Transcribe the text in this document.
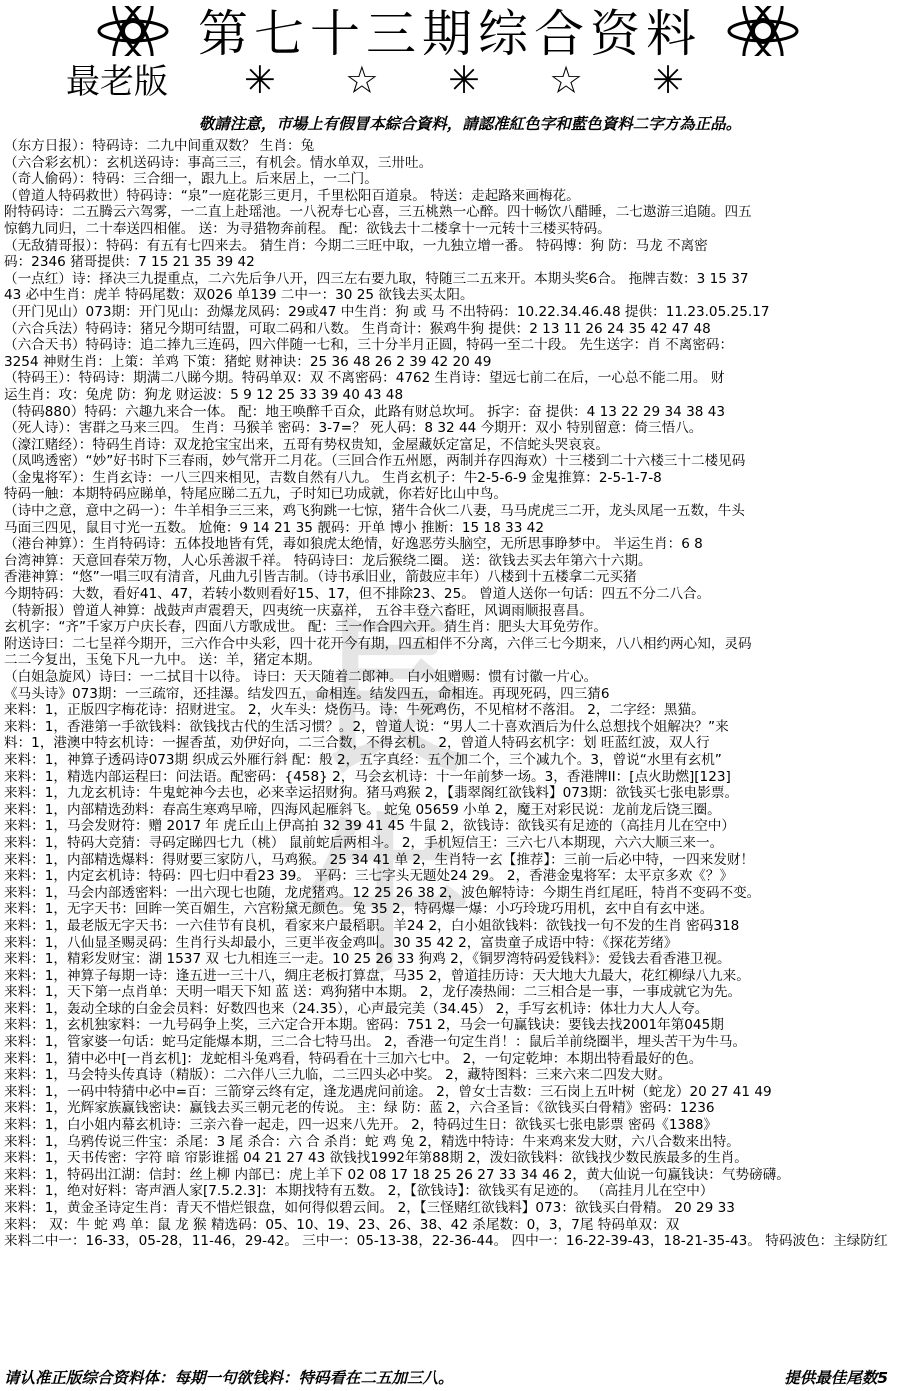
長
牛
第七十三期综合资料
最老版 ✳ ☆ ✳ ☆ ✳
敬請注意，市場上有假冒本綜合資料，請認准紅色字和藍色資料二字方為正品。
（东方日报）：特码诗：二九中间重双数？ 生肖：兔
（六合彩玄机）：玄机送码诗：事高三三，有机会。情水单双，三卅吐。
（奇人偷码）：特码：三合细一，跟九上。后来居上，一二门。
（曾道人特码救世）特码诗：“泉”一庭花影三更月，千里松阳百道泉。 特送：走起路来画梅花。
附特码诗：二五腾云六驾雾，一二直上赴瑶池。一八祝寿七心喜，三五桃熟一心醉。四十畅饮八醋睡，二七遨游三追随。四五
惊鹤九同归，二十奉送四相催。 送：为寻猎物奔前程。 配：欲钱去十二楼拿十一元转十三楼买特码。
（无敌猜哥报）：特码：有五有七四来去。 猜生肖：今期二三旺中取，一九独立增一番。 特码博：狗 防：马龙 不离密
码：2346 猪哥提供：7 15 21 35 39 42
（一点红）诗：择决三九提重点，二六先后争八开，四三左右要九取，特随三二五来开。本期头奖6合。 拖牌吉数：3 15 37
43 必中生肖：虎羊 特码尾数：双026 单139 二中一：30 25 欲钱去买太阳。
（开门见山）073期：开门见山：劲爆龙凤码：29或47 中生肖：狗 或 马 不出特码：10.22.34.46.48 提供：11.23.05.25.17
（六合兵法）特码诗：猪兄今期可结盟，可取二码和八数。 生肖奇计：猴鸡牛狗 提供：2 13 11 26 24 35 42 47 48
（六合天书）特码诗：追二捧九三连码，四六伴随一七和，三十分半月正圆，特码一至二十段。 先生送字：肖 不离密码：
3254 神财生肖：上策：羊鸡 下策：猪蛇 财神诀：25 36 48 26 2 39 42 20 49
（特码王）：特码诗：期满二八睇今期。特码单双：双 不离密码：4762 生肖诗：望远七前二在后，一心总不能二用。 财
运生肖：攻：兔虎 防：狗龙 财运波：5 9 12 25 33 39 40 43 48
（特码880）特码：六趣九来合一体。 配：地王唤醉千百众，此路有财总坎坷。 拆字：奋 提供：4 13 22 29 34 38 43
（死人诗）：害群之马来三四。 生肖：马猴羊 密码：3-7=？ 死人码：8 32 44 今期开：双小 特别留意：倚三悟八。
（濠江赌经）：特码生肖诗：双龙抢宝宝出来，五哥有势权贵知，金屋藏妖定富足，不信蛇头哭哀哀。
（凤鸣透密）“妙”好书时下三春雨，妙气常开二月花。（三回合作五州愿，两制并存四海欢）十三楼到二十六楼三十二楼见码
（金鬼将军）：生肖玄诗：一八三四来相见，吉数自然有八九。 生肖玄机子：牛2-5-6-9 金鬼推算：2-5-1-7-8
特码一触：本期特码应睇单，特尾应睇二五九，子时知已功成就，你若好比山中鸟。
（诗中之意，意中之码一）：牛羊相争三三来，鸡飞狗跳一七惊，猪牛合伙二八妻，马马虎虎三二开，龙头凤尾一五数，牛头
马面三四见，鼠目寸光一五数。 尬俺：9 14 21 35 靓码：开单 博小 推断：15 18 33 42
（港台神算）：生肖特码诗：五体投地皆有凭，毒如狼虎太绝情，好逸恶劳头脑空，无所思事睁梦中。 半运生肖：6 8
台湾神算：天意回春荣万物，人心乐善淑千祥。 特码诗曰：龙后猴绕二圈。 送：欲钱去买去年第六十六期。
香港神算：“悠”一唱三叹有清音，凡曲九引皆吉制。（诗书承旧业，箭鼓应丰年）八楼到十五楼拿二元买猪
今期特码：大数，看好41、47，若转小数则看好15、17，但不排除23、25。 曾道人送你一句话：四五不分二八合。
（特新报）曾道人神算：战鼓声声震碧天，四夷统一庆嘉祥， 五谷丰登六畜旺，风调雨顺报喜昌。
玄机字：“齐”千家万户庆长春，四面八方歌成世。 配：三一作合四六开。猜生肖：肥头大耳免劳作。
附送诗曰：二七呈祥今期开，三六作合中头彩，四十花开今有期，四五相伴不分离，六伴三七今期来，八八相约两心知，灵码
二二今复出，玉兔下凡一九中。 送：羊，猪定本期。
（白姐急旋风）诗曰：一二拭目十以待。 诗曰：天天随着二郎神。 白小姐赠赐：惯有讨徽一片心。
《马头诗》073期：一三疏帘，还挂瀑。结发四五，命相连。结发四五，命相连。再现死码，四三猜6
来料：1，正版四字梅花诗：招财进宝。 2，火车头：烧伤马。诗：牛死鸡伤，不见棺材不落泪。 2，二字经：黑猫。
来料：1，香港第一手欲钱料：欲钱找古代的生活习惯？。2，曾道人说：“男人二十喜欢酒后为什么总想找个姐解决？”来
料：1，港澳中特玄机诗：一握香茧，劝伊好向，二三合数，不得玄机。 2，曾道人特码玄机字：划 旺蓝红波，双人行
来料：1，神算子透码诗073期 织成云外雁行斜 配：般 2，五字真经：五个加二个，三个减九个。3，曾说“水里有玄机”
来料：1，精选内部运程曰：问法语。配密码：{458} 2，马会玄机诗：十一年前梦一场。3，香港牌II：[点火助燃][123]
来料：1，九龙玄机诗：牛鬼蛇神今去也，必来幸运招财狗。猪马鸡猴 2，【翡翠阁红欲钱料】073期：欲钱买七张电影票。
来料：1，内部精选劲料：春高生寒鸡早啼，四海风起雁斜飞。 蛇兔 05659 小单 2，魔王对彩民说：龙前龙后饶三圈。
来料：1，马会发财符：赠 2017 年 虎丘山上伊高拍 32 39 41 45 牛鼠 2，欲钱诗：欲钱买有足迹的（高挂月儿在空中）
来料：1，特码大竞猜：寻码定睇四七九（桃） 鼠前蛇后两相斗。 2，手机短信王：三六七八本期现，六六大顺三来一。
来料：1，内部精选爆料：得财要三家防八，马鸡猴。 25 34 41 单 2，生肖特一玄【推荐】：三前一后必中特，一四来发财！
来料：1，内定玄机诗：特码：四七归中看23 39。 平码：三七字头无题处24 29。 2，香港金鬼将军：太平京多欢《？》
来料：1，马会内部透密料：一出六现七也随，龙虎猪鸡。12 25 26 38 2，波色解特诗：今期生肖红尾旺，特肖不变码不变。
来料：1，无字天书：回眸一笑百媚生，六宫粉黛无颜色。兔 35 2，特码爆一爆：小巧玲珑巧用机，玄中自有玄中迷。
来料：1，最老版无字天书：一六佳节有良机，看家来户最稻职。羊24 2，白小姐欲钱料：欲钱找一句不发的生肖 密码318
来料：1，八仙显圣赐灵码：生肖行头却最小，三更半夜金鸡叫。30 35 42 2，富贵童子成语中特：《探花芳绪》
来料：1，精彩发财宝：湖 1537 双 七九相连三一走。10 25 26 33 狗鸡 2，《铜罗湾特码爱钱料》：爱钱去看香港卫视。
来料：1，神算子每期一诗：逢五进一三十八，绸庄老板打算盘，马35 2，曾道挂历诗：天大地大九最大，花红柳绿八九来。
来料：1，天下第一点肖单：天明一唱天下知 蓝 送：鸡狗猪中本期。 2，龙仔凑热闹：二三相合是一事，一事成就它为先。
来料：1，轰动全球的白金会员料：好数四也来（24.35），心声最完美（34.45） 2，手写玄机诗：体壮力大人人夸。
来料：1，玄机独家料：一九号码争上奖，三六定合开本期。密码：751 2，马会一句赢钱诀：要钱去找2001年第045期
来料：1，管家婆一句话：蛇马定能爆本期，三二合七特马出。 2，香港一句定生肖！：鼠后羊前绕圈半，埋头苦干为牛马。
来料：1，猜中必中[一肖玄机]：龙蛇相斗兔鸡看，特码看在十三加六七中。 2，一句定乾坤：本期出特看最好的色。
来料：1，马会特头传真诗（精版）：二六伴八三九临，二三四头必中奖。 2，藏特图料：三来六来二四发大财。
来料：1，一码中特猜中必中=百：三箭穿云终有定，逢龙遇虎问前途。 2，曾女士吉数：三石岗上五叶树（蛇龙）20 27 41 49
来料：1，光辉家族赢钱密诀：赢钱去买三朝元老的传说。 主：绿 防：蓝 2，六合圣旨：《欲钱买白骨精》密码：1236
来料：1，白小姐内幕玄机诗：三亲六眷一起走，四一迟来八先开。 2，特码过生日：欲钱买七张电影票 密码《1388》
来料：1，乌鸦传说三件宝：杀尾：3 尾 杀合：六 合 杀肖：蛇 鸡 兔 2，精选中特诗：牛来鸡来发大财，六八合数来出特。
来料：1，天书传密：字符 暗 帘影谁摇 04 21 27 43 欲钱找1992年第88期 2，泼妇欲钱料：欲钱找少数民族最多的生肖。
来料：1，特码出江湖：信封：丝上柳 内部已：虎上羊下 02 08 17 18 25 26 27 33 34 46 2，黄大仙说一句赢钱诀：气势磅礴。
来料：1，绝对好料：寄声酒人家[7.5.2.3]：本期找特有五数。 2，【欲钱诗】：欲钱买有足迹的。 （高挂月儿在空中）
来料：1，黄金圣诗定生肖：青天不惜烂银盘，如何得似碧云间。 2，【三怪赌红欲钱料】073：欲钱买白骨精。 20 29 33
来料： 双：牛 蛇 鸡 单：鼠 龙 猴 精选码：05、10、19、23、26、38、42 杀尾数：0，3，7尾 特码单双：双
来料二中一：16-33，05-28，11-46，29-42。 三中一：05-13-38，22-36-44。 四中一：16-22-39-43，18-21-35-43。 特码波色：主绿防红
请认准正版综合资料体：每期一句欲钱料：特码看在二五加三八。	提供最佳尾数5
